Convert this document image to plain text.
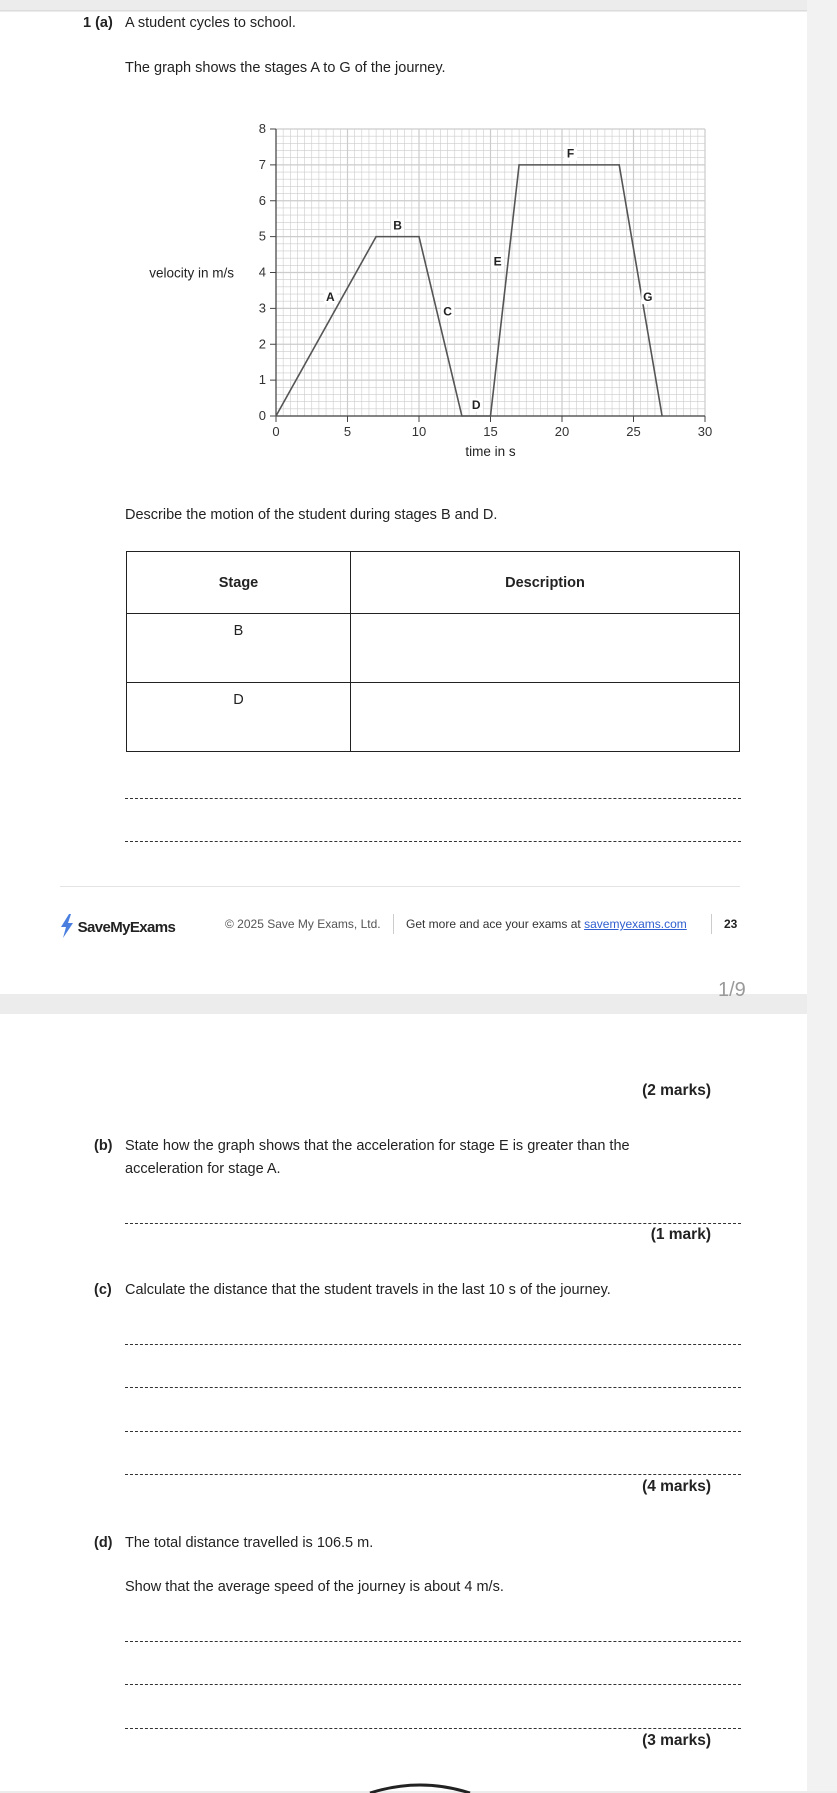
1 (a) A student cycles to school.
The graph shows the stages A to G of the journey.
0	5	10	15	20	25	30
0
1
2
3
4
5
6
7
8
time in s
velocity in m/s
A
B
C
D
E
F
G
Describe the motion of the student during stages B and D.
Stage	Description
B	
D	
SaveMyExams	© 2025 Save My Exams, Ltd. Get more and ace your exams at savemyexams.com	23
1/9
(2 marks)
(b) State how the graph shows that the acceleration for stage E is greater than the
acceleration for stage A.
(1 mark)
(c) Calculate the distance that the student travels in the last 10 s of the journey.
(4 marks)
(d) The total distance travelled is 106.5 m.
Show that the average speed of the journey is about 4 m/s.
(3 marks)
